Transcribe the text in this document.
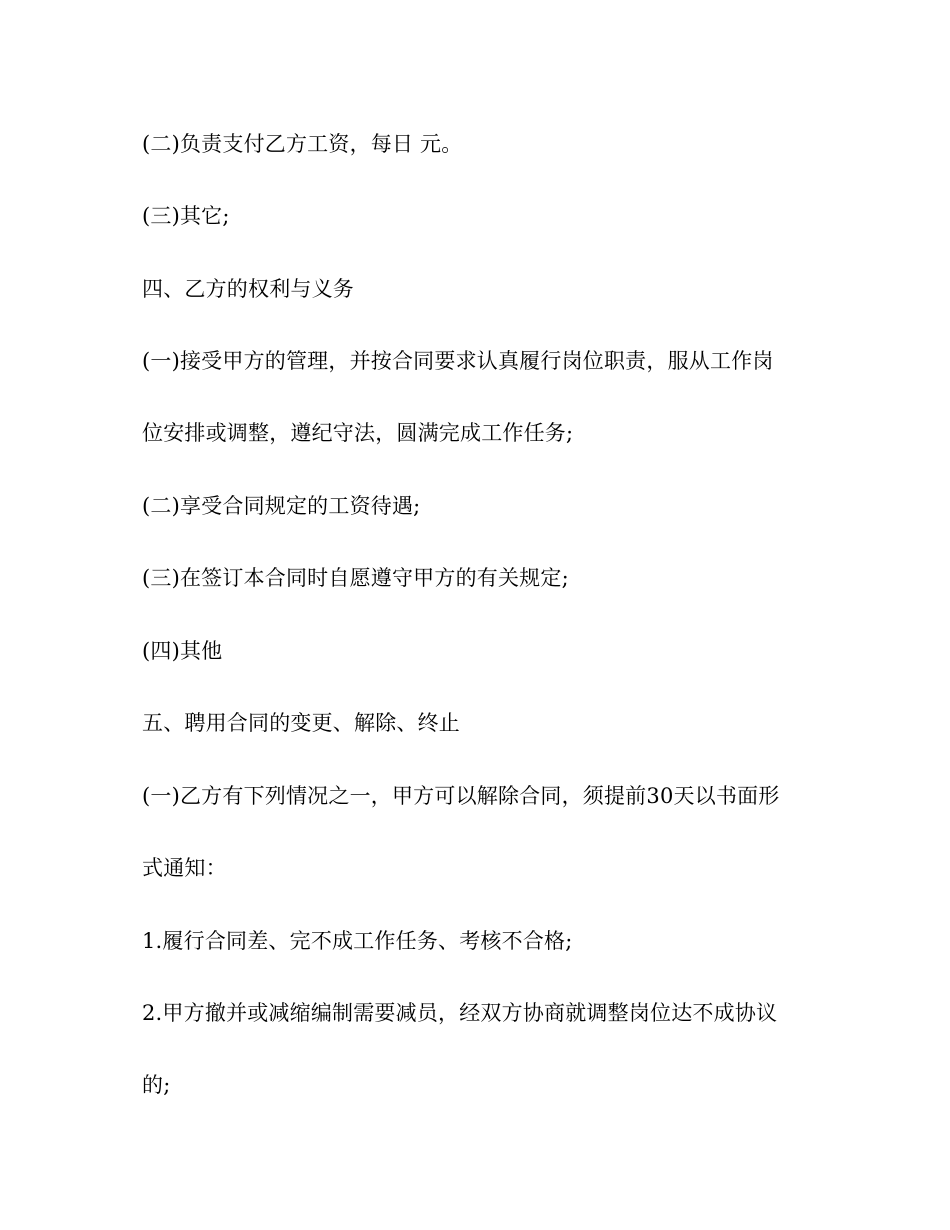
(二)负责支付乙方工资，每日 元。
(三)其它;
四、乙方的权利与义务
(一)接受甲方的管理，并按合同要求认真履行岗位职责，服从工作岗
位安排或调整，遵纪守法，圆满完成工作任务;
(二)享受合同规定的工资待遇;
(三)在签订本合同时自愿遵守甲方的有关规定;
(四)其他
五、聘用合同的变更、解除、终止
(一)乙方有下列情况之一，甲方可以解除合同，须提前30天以书面形
式通知：
1.履行合同差、完不成工作任务、考核不合格;
2.甲方撤并或减缩编制需要减员，经双方协商就调整岗位达不成协议
的;
